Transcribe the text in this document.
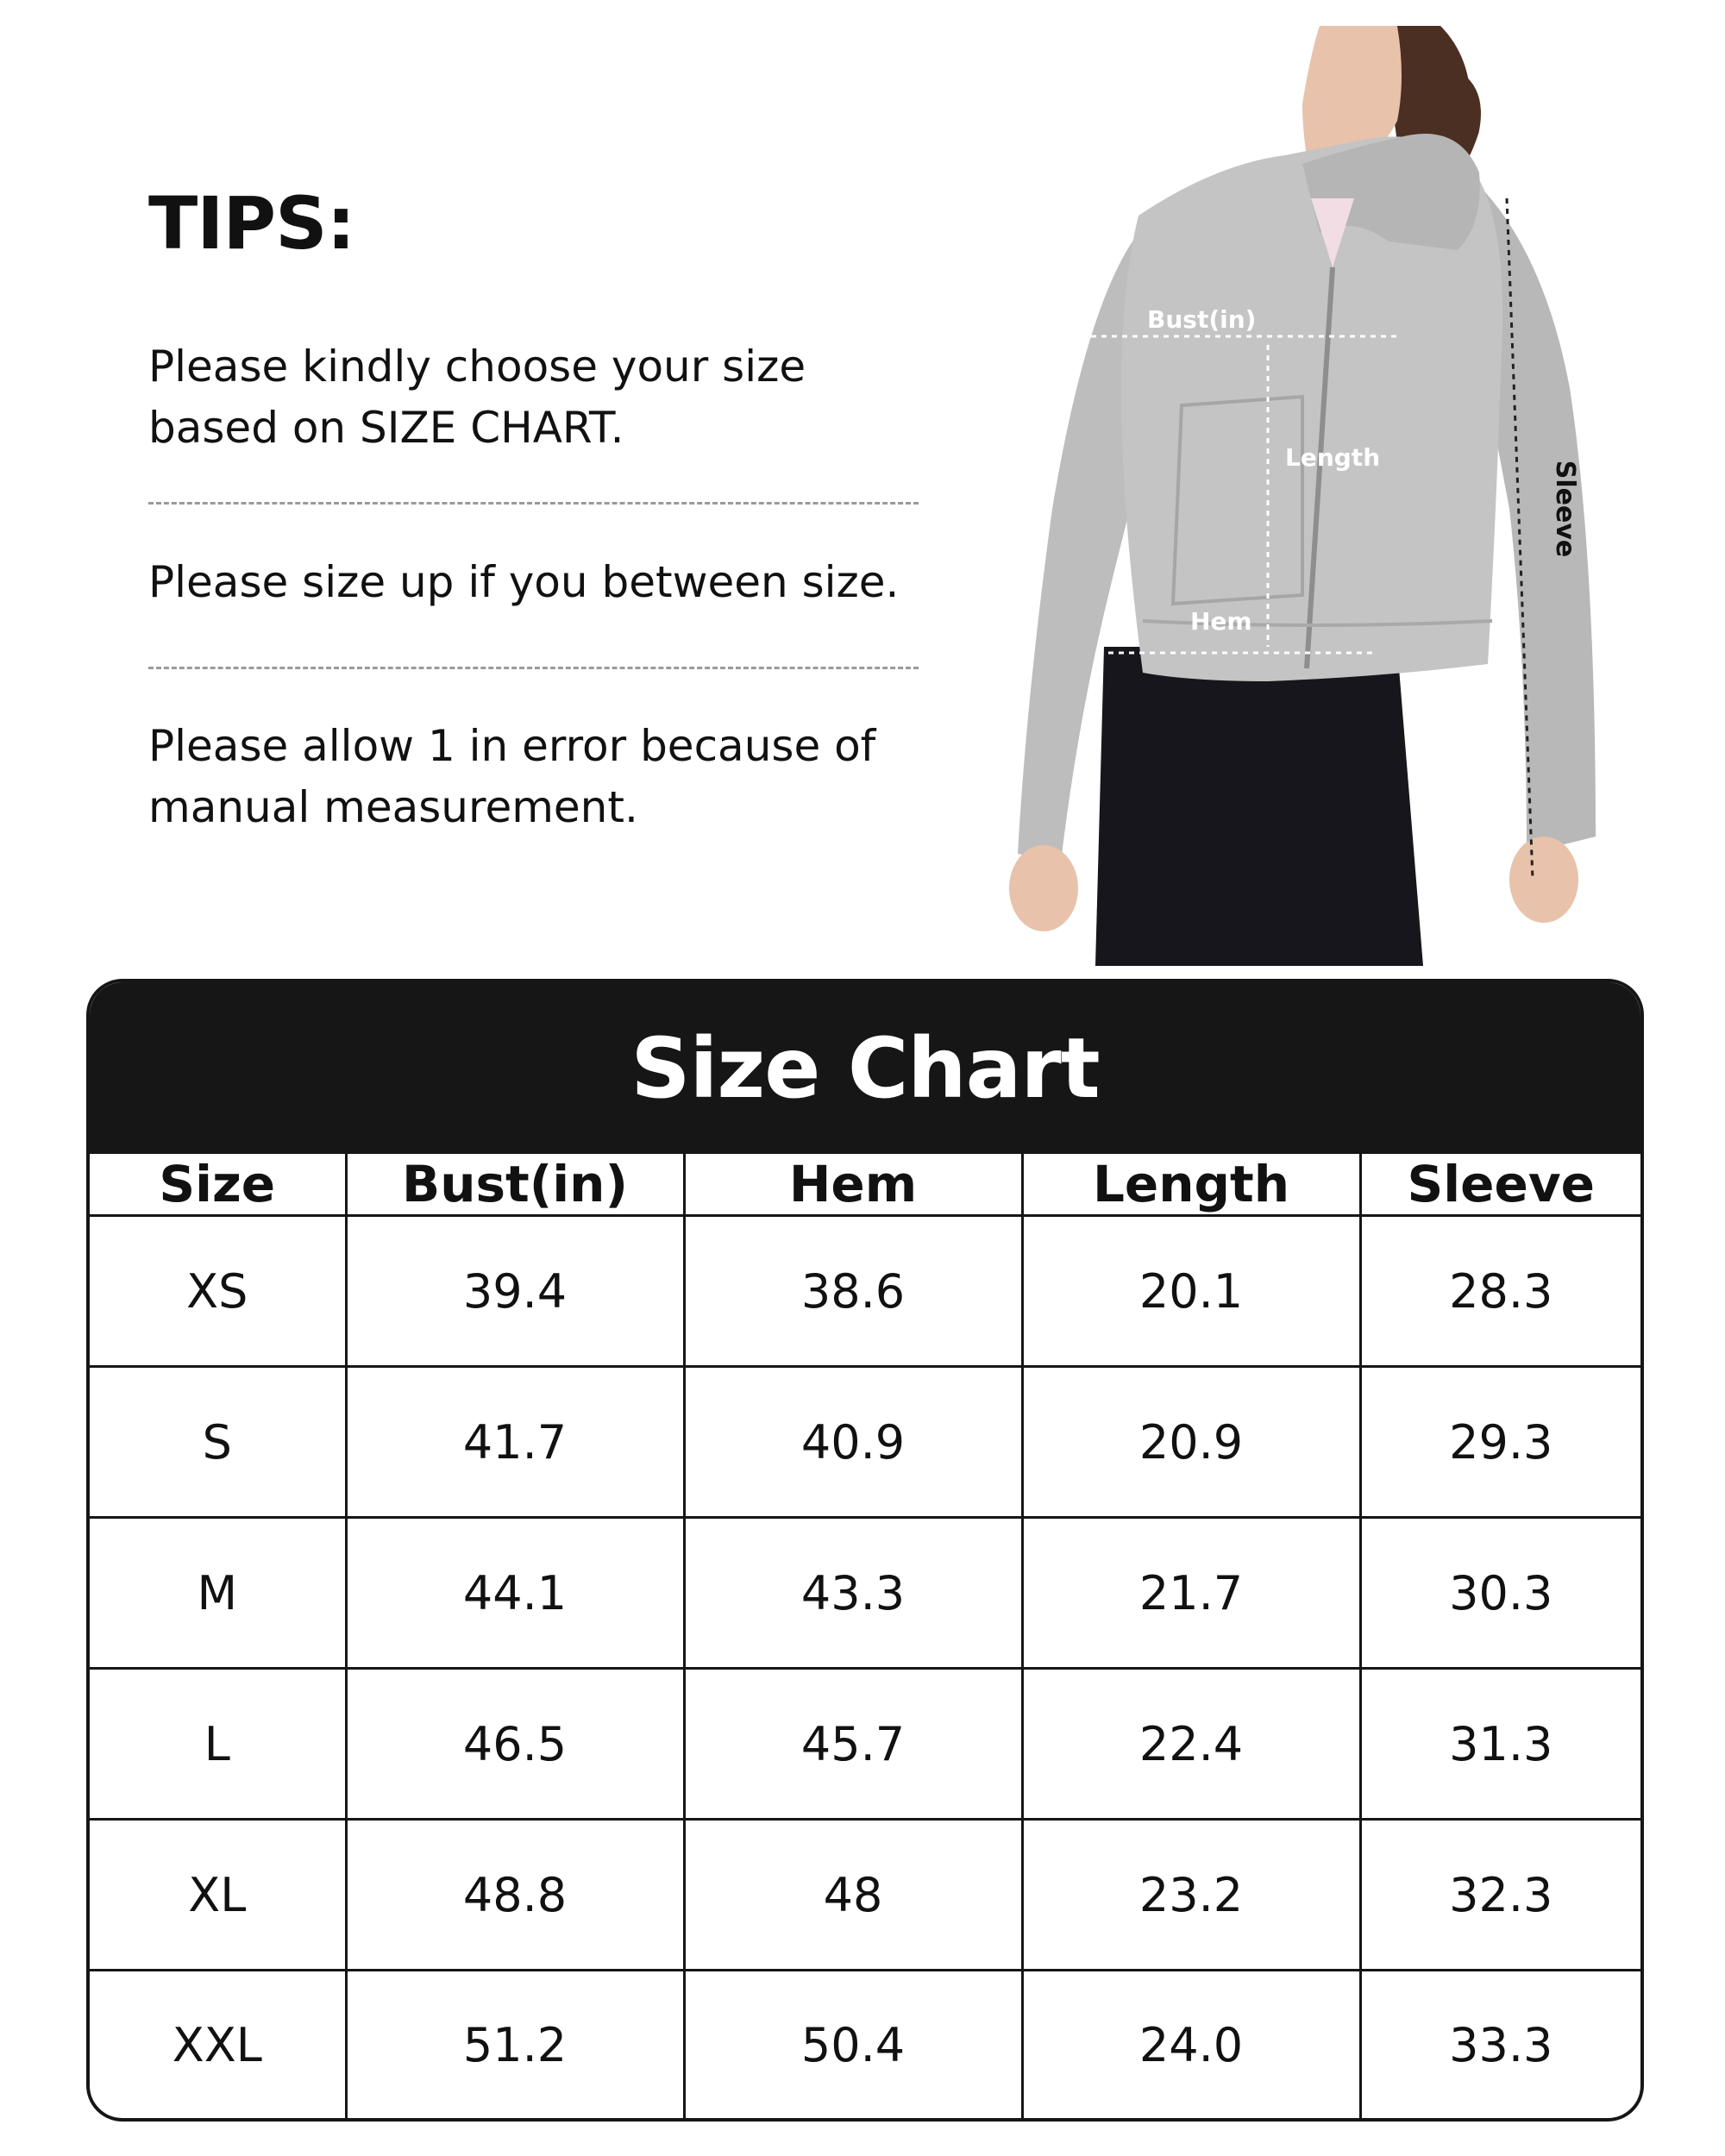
TIPS:

Please kindly choose your size based on SIZE CHART.

Please size up if you between size.

Please allow 1 in error because of manual measurement.

Bust(in)
Length
Hem
Sleeve
Size Chart
Size	Bust(in)	Hem	Length	Sleeve
XS	39.4	38.6	20.1	28.3
S	41.7	40.9	20.9	29.3
M	44.1	43.3	21.7	30.3
L	46.5	45.7	22.4	31.3
XL	48.8	48	23.2	32.3
XXL	51.2	50.4	24.0	33.3
